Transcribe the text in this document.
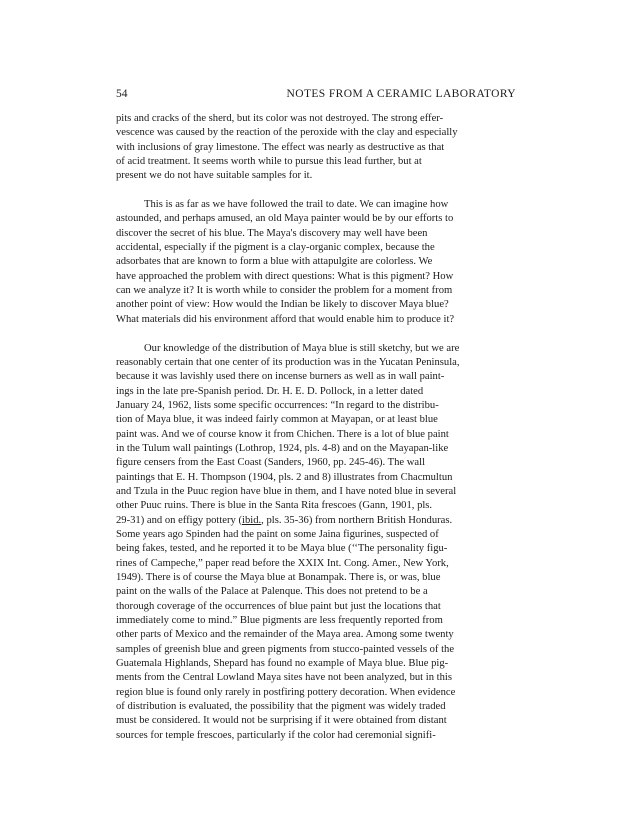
54	NOTES FROM A CERAMIC LABORATORY
pits and cracks of the sherd, but its color was not destroyed. The strong effer-
vescence was caused by the reaction of the peroxide with the clay and especially
with inclusions of gray limestone. The effect was nearly as destructive as that
of acid treatment. It seems worth while to pursue this lead further, but at
present we do not have suitable samples for it.
This is as far as we have followed the trail to date. We can imagine how
astounded, and perhaps amused, an old Maya painter would be by our efforts to
discover the secret of his blue. The Maya's discovery may well have been
accidental, especially if the pigment is a clay-organic complex, because the
adsorbates that are known to form a blue with attapulgite are colorless. We
have approached the problem with direct questions: What is this pigment? How
can we analyze it? It is worth while to consider the problem for a moment from
another point of view: How would the Indian be likely to discover Maya blue?
What materials did his environment afford that would enable him to produce it?
Our knowledge of the distribution of Maya blue is still sketchy, but we are
reasonably certain that one center of its production was in the Yucatan Peninsula,
because it was lavishly used there on incense burners as well as in wall paint-
ings in the late pre-Spanish period. Dr. H. E. D. Pollock, in a letter dated
January 24, 1962, lists some specific occurrences: “In regard to the distribu-
tion of Maya blue, it was indeed fairly common at Mayapan, or at least blue
paint was. And we of course know it from Chichen. There is a lot of blue paint
in the Tulum wall paintings (Lothrop, 1924, pls. 4-8) and on the Mayapan-like
figure censers from the East Coast (Sanders, 1960, pp. 245-46). The wall
paintings that E. H. Thompson (1904, pls. 2 and 8) illustrates from Chacmultun
and Tzula in the Puuc region have blue in them, and I have noted blue in several
other Puuc ruins. There is blue in the Santa Rita frescoes (Gann, 1901, pls.
29-31) and on effigy pottery (ibid., pls. 35-36) from northern British Honduras.
Some years ago Spinden had the paint on some Jaina figurines, suspected of
being fakes, tested, and he reported it to be Maya blue (‘‘The personality figu-
rines of Campeche,” paper read before the XXIX Int. Cong. Amer., New York,
1949). There is of course the Maya blue at Bonampak. There is, or was, blue
paint on the walls of the Palace at Palenque. This does not pretend to be a
thorough coverage of the occurrences of blue paint but just the locations that
immediately come to mind.” Blue pigments are less frequently reported from
other parts of Mexico and the remainder of the Maya area. Among some twenty
samples of greenish blue and green pigments from stucco-painted vessels of the
Guatemala Highlands, Shepard has found no example of Maya blue. Blue pig-
ments from the Central Lowland Maya sites have not been analyzed, but in this
region blue is found only rarely in postfiring pottery decoration. When evidence
of distribution is evaluated, the possibility that the pigment was widely traded
must be considered. It would not be surprising if it were obtained from distant
sources for temple frescoes, particularly if the color had ceremonial signifi-
